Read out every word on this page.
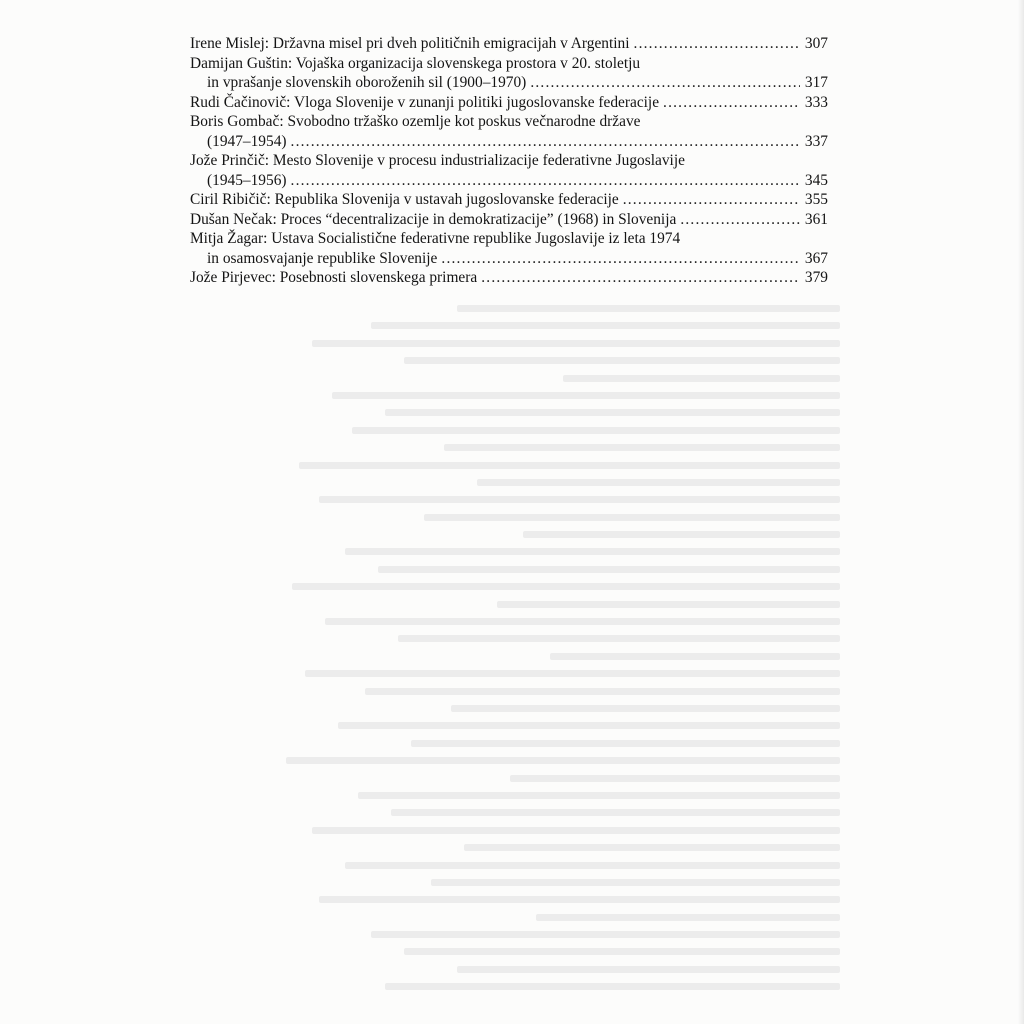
Irene Mislej: Državna misel pri dveh političnih emigracijah v Argentini .....	307
Damijan Guštin: Vojaška organizacija slovenskega prostora v 20. stoletju
in vprašanje slovenskih oboroženih sil (1900–1970) .....	317
Rudi Čačinovič: Vloga Slovenije v zunanji politiki jugoslovanske federacije .....	333
Boris Gombač: Svobodno tržaško ozemlje kot poskus večnarodne države
(1947–1954) .....	337
Jože Prinčič: Mesto Slovenije v procesu industrializacije federativne Jugoslavije
(1945–1956) .....	345
Ciril Ribičič: Republika Slovenija v ustavah jugoslovanske federacije .....	355
Dušan Nečak: Proces “decentralizacije in demokratizacije” (1968) in Slovenija .....	361
Mitja Žagar: Ustava Socialistične federativne republike Jugoslavije iz leta 1974
in osamosvajanje republike Slovenije .....	367
Jože Pirjevec: Posebnosti slovenskega primera .....	379
